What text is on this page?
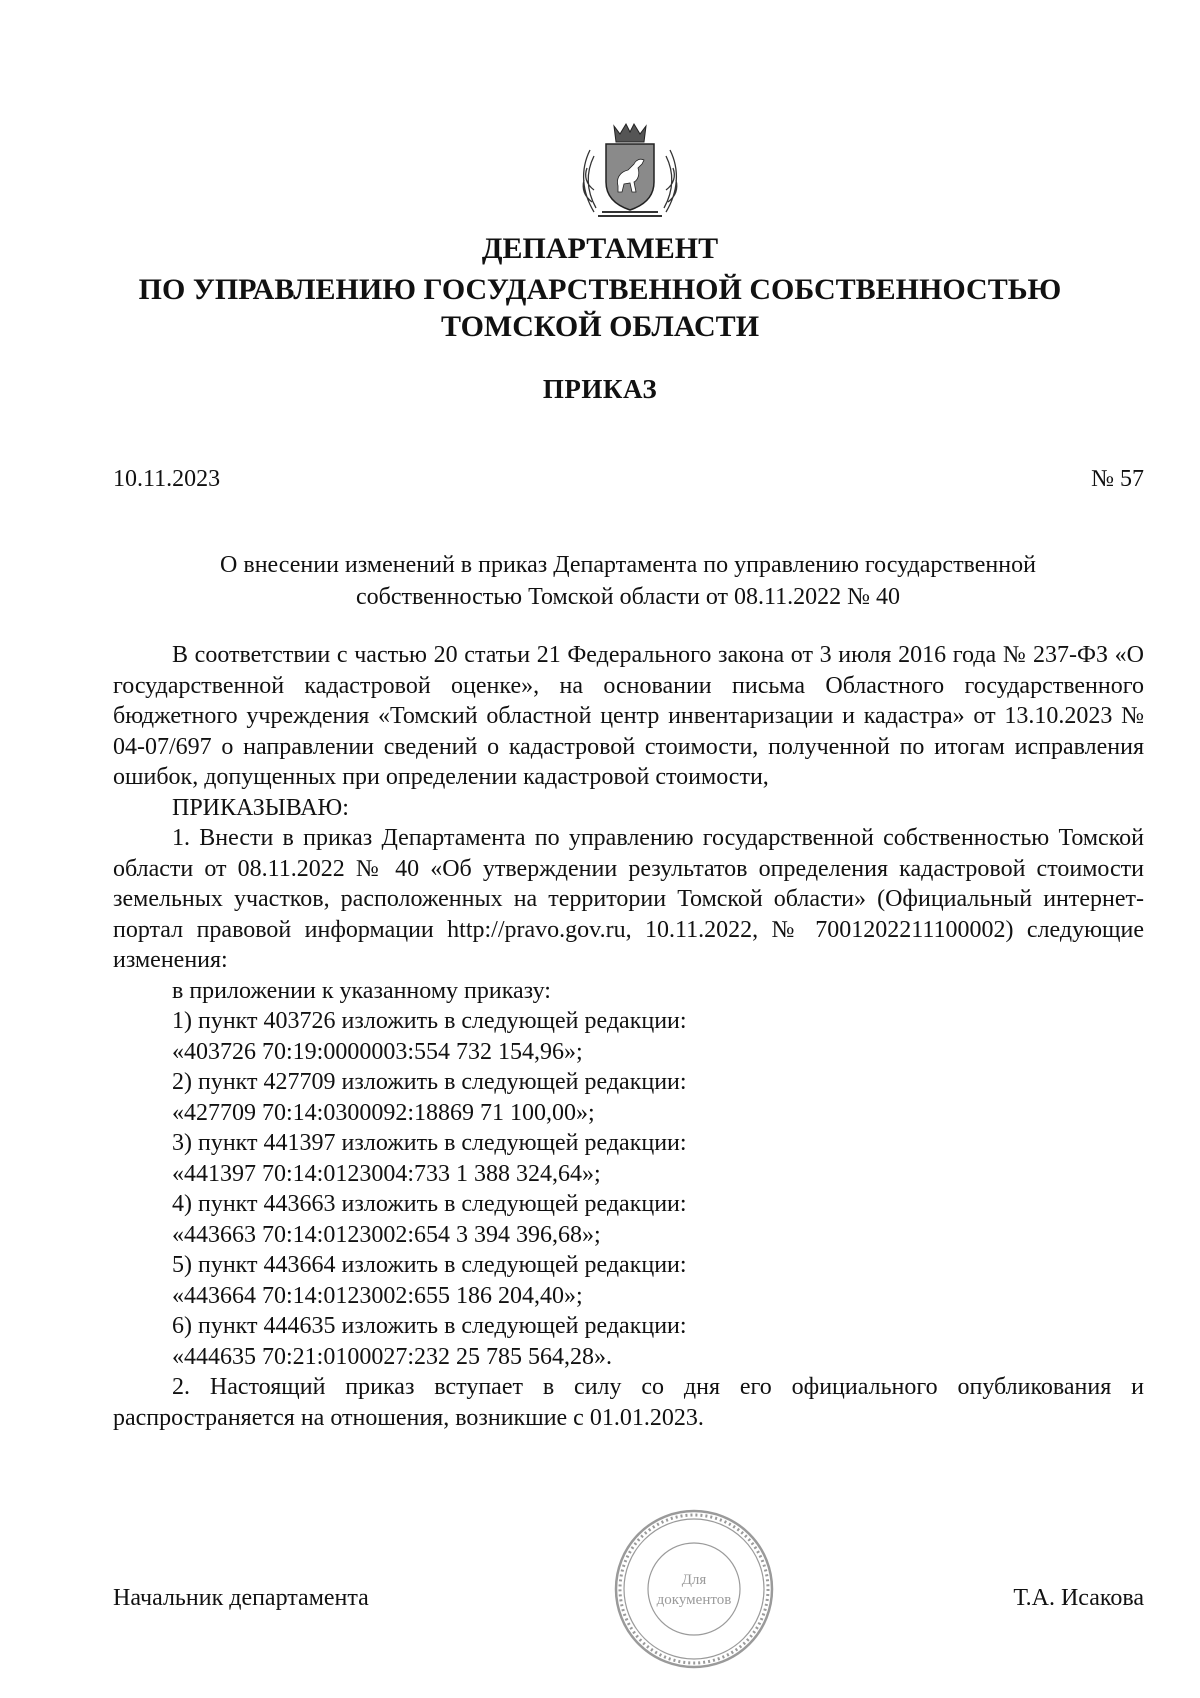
ДЕПАРТАМЕНТ
ПО УПРАВЛЕНИЮ ГОСУДАРСТВЕННОЙ СОБСТВЕННОСТЬЮ
ТОМСКОЙ ОБЛАСТИ
ПРИКАЗ
10.11.2023	№ 57
О внесении изменений в приказ Департамента по управлению государственной
собственностью Томской области от 08.11.2022 № 40

В соответствии с частью 20 статьи 21 Федерального закона от 3 июля 2016 года № 237-ФЗ «О государственной кадастровой оценке», на основании письма Областного государственного бюджетного учреждения «Томский областной центр инвентаризации и кадастра» от 13.10.2023 № 04-07/697 о направлении сведений о кадастровой стоимости, полученной по итогам исправления ошибок, допущенных при определении кадастровой стоимости,

ПРИКАЗЫВАЮ:

1. Внести в приказ Департамента по управлению государственной собственностью Томской области от 08.11.2022 № 40 «Об утверждении результатов определения кадастровой стоимости земельных участков, расположенных на территории Томской области» (Официальный интернет-портал правовой информации http://pravo.gov.ru, 10.11.2022, № 7001202211100002) следующие изменения:

в приложении к указанному приказу:

1) пункт 403726 изложить в следующей редакции:

«403726 70:19:0000003:554 732 154,96»;

2) пункт 427709 изложить в следующей редакции:

«427709 70:14:0300092:18869 71 100,00»;

3) пункт 441397 изложить в следующей редакции:

«441397 70:14:0123004:733 1 388 324,64»;

4) пункт 443663 изложить в следующей редакции:

«443663 70:14:0123002:654 3 394 396,68»;

5) пункт 443664 изложить в следующей редакции:

«443664 70:14:0123002:655 186 204,40»;

6) пункт 444635 изложить в следующей редакции:

«444635 70:21:0100027:232 25 785 564,28».

2. Настоящий приказ вступает в силу со дня его официального опубликования и распространяется на отношения, возникшие с 01.01.2023.

Начальник департамента
Для
документов	Т.А. Исакова
